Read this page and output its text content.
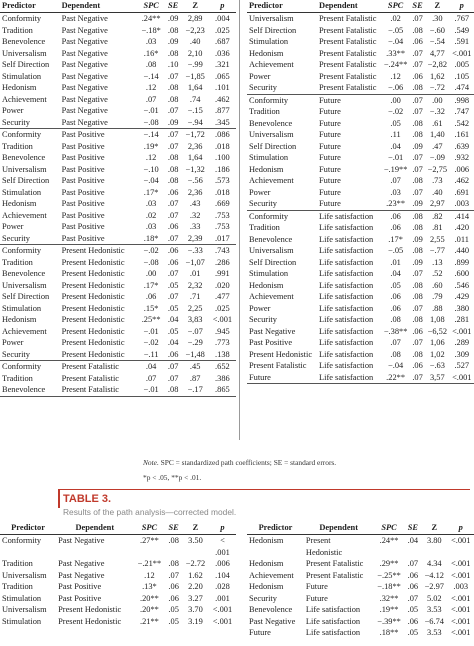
Predictor	Dependent	SPC	SE	Z	p
Conformity	Past Negative	.24**	.09	2,89	.004
Tradition	Past Negative	−.18*	.08	−2,23	.025
Benevolence	Past Negative	.03	.09	.40	.687
Universalism	Past Negative	.16*	.08	2,10	.036
Self Direction	Past Negative	.08	.10	−.99	.321
Stimulation	Past Negative	−.14	.07	−1,85	.065
Hedonism	Past Negative	.12	.08	1,64	.101
Achievement	Past Negative	.07	.08	.74	.462
Power	Past Negative	−.01	.07	−.15	.877
Security	Past Negative	−.08	.09	−.94	.345
Conformity	Past Positive	−.14	.07	−1,72	.086
Tradition	Past Positive	.19*	.07	2,36	.018
Benevolence	Past Positive	.12	.08	1,64	.100
Universalism	Past Positive	−.10	.08	−1,32	.186
Self Direction	Past Positive	−.04	.08	−.56	.573
Stimulation	Past Positive	.17*	.06	2,36	.018
Hedonism	Past Positive	.03	.07	.43	.669
Achievement	Past Positive	.02	.07	.32	.753
Power	Past Positive	.03	.06	.33	.753
Security	Past Positive	.18*	.07	2,39	.017
Conformity	Present Hedonistic	−.02	.06	−.33	.743
Tradition	Present Hedonistic	−.08	.06	−1,07	.286
Benevolence	Present Hedonistic	.00	.07	.01	.991
Universalism	Present Hedonistic	.17*	.05	2,32	.020
Self Direction	Present Hedonistic	.06	.07	.71	.477
Stimulation	Present Hedonistic	.15*	.05	2,25	.025
Hedonism	Present Hedonistic	.25**	.04	3,83	<.001
Achievement	Present Hedonistic	−.01	.05	−.07	.945
Power	Present Hedonistic	−.02	.04	−.29	.773
Security	Present Hedonistic	−.11	.06	−1,48	.138
Conformity	Present Fatalistic	.04	.07	.45	.652
Tradition	Present Fatalistic	.07	.07	.87	.386
Benevolence	Present Fatalistic	−.01	.08	−.17	.865
Predictor	Dependent	SPC	SE	Z	p
Universalism	Present Fatalistic	.02	.07	.30	.767
Self Direction	Present Fatalistic	−.05	.08	−.60	.549
Stimulation	Present Fatalistic	−.04	.06	−.54	.591
Hedonism	Present Fatalistic	.33**	.07	4,77	<.001
Achievement	Present Fatalistic	−.24**	.07	−2,82	.005
Power	Present Fatalistic	.12	.06	1,62	.105
Security	Present Fatalistic	−.06	.08	−.72	.474
Conformity	Future	.00	.07	.00	.998
Tradition	Future	−.02	.07	−.32	.747
Benevolence	Future	.05	.08	.61	.542
Universalism	Future	.11	.08	1,40	.161
Self Direction	Future	.04	.09	.47	.639
Stimulation	Future	−.01	.07	−.09	.932
Hedonism	Future	−.19**	.07	−2,75	.006
Achievement	Future	.07	.08	.73	.462
Power	Future	.03	.07	.40	.691
Security	Future	.23**	.09	2,97	.003
Conformity	Life satisfaction	.06	.08	.82	.414
Tradition	Life satisfaction	.06	.08	.81	.420
Benevolence	Life satisfaction	.17*	.09	2,55	.011
Universalism	Life satisfaction	−.05	.08	−.77	.440
Self Direction	Life satisfaction	.01	.09	.13	.899
Stimulation	Life satisfaction	.04	.07	.52	.600
Hedonism	Life satisfaction	.05	.08	.60	.546
Achievement	Life satisfaction	.06	.08	.79	.429
Power	Life satisfaction	.06	.07	.88	.380
Security	Life satisfaction	.08	.08	1,08	.281
Past Negative	Life satisfaction	−.38**	.06	−6,52	<.001
Past Positive	Life satisfaction	.07	.07	1,06	.289
Present Hedonistic	Life satisfaction	.08	.08	1,02	.309
Present Fatalistic	Life satisfaction	−.04	.06	−.63	.527
Future	Life satisfaction	.22**	.07	3,57	<.001
Note. SPC = standardized path coefficients; SE = standard errors.
*p < .05, **p < .01.
TABLE 3.
Results of the path analysis—corrected model.
Predictor	Dependent	SPC	SE	Z	p
Conformity	Past Negative	.27**	.08	3.50	<
.001
Tradition	Past Negative	−.21**	.08	−2.72	.006
Universalism	Past Negative	.12	.07	1.62	.104
Tradition	Past Positive	.13*	.06	2.20	.028
Stimulation	Past Positive	.20**	.06	3.27	.001
Universalism	Present Hedonistic	.20**	.05	3.70	<.001
Stimulation	Present Hedonistic	.21**	.05	3.19	<.001
Predictor	Dependent	SPC	SE	Z	p
Hedonism	Present
Hedonistic	.24**	.04	3.80	<.001
Hedonism	Present Fatalistic	.29**	.07	4.34	<.001
Achievement	Present Fatalistic	−.25**	.06	−4.12	<.001
Hedonism	Future	−.18**	.06	−2.97	.003
Security	Future	.32**	.07	5.02	<.001
Benevolence	Life satisfaction	.19**	.05	3.53	<.001
Past Negative	Life satisfaction	−.39**	.06	−6.74	<.001
Future	Life satisfaction	.18**	.05	3.53	<.001
